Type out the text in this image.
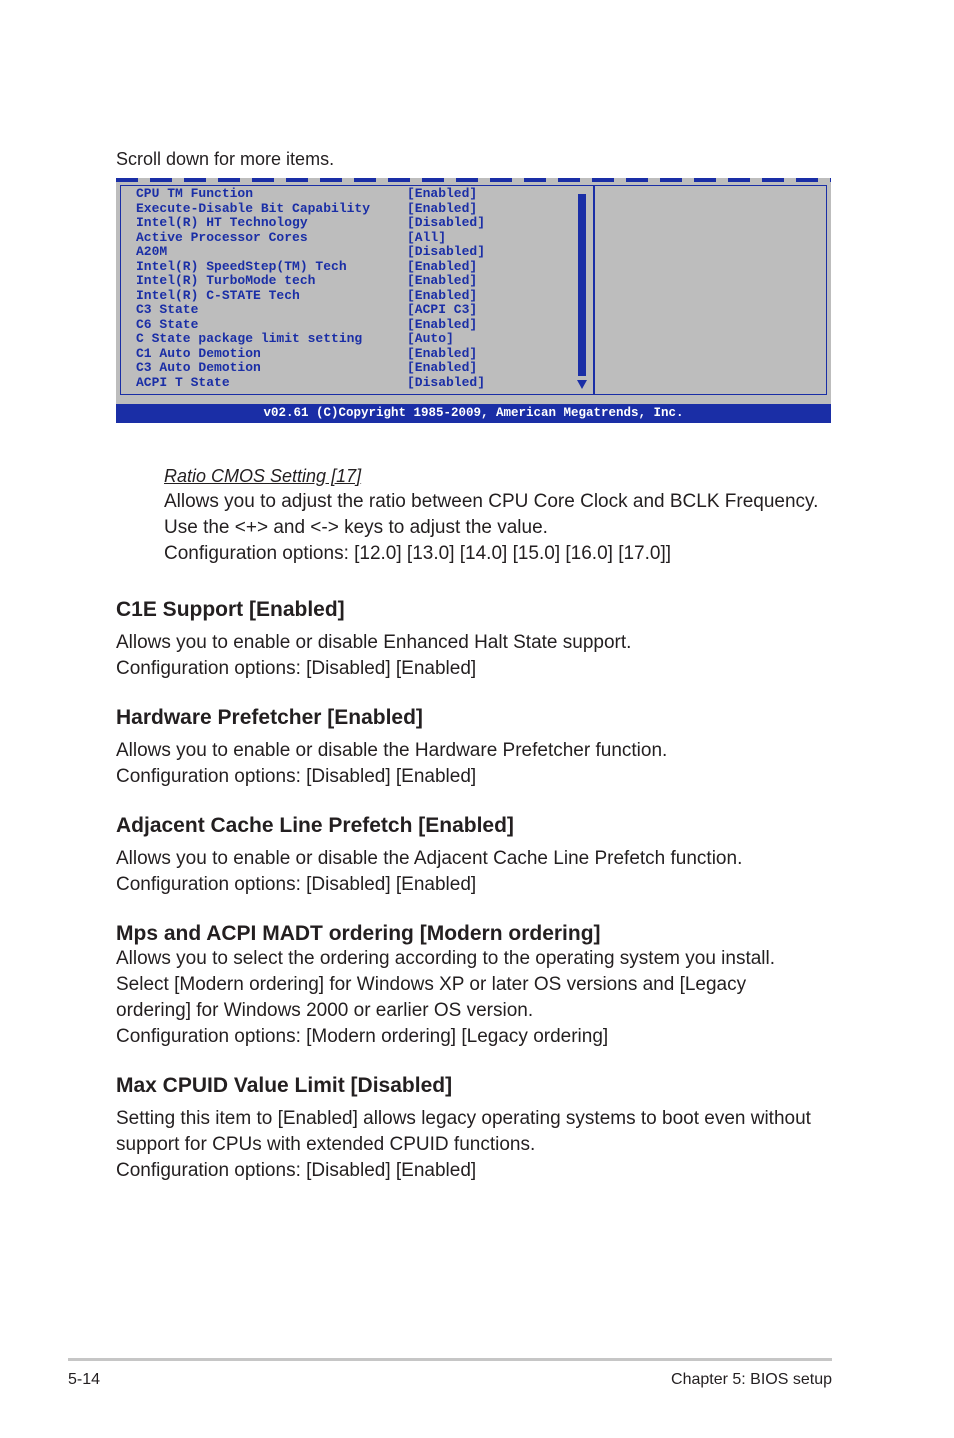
Scroll down for more items.
CPU TM Function	[Enabled]
Execute-Disable Bit Capability	[Enabled]
Intel(R) HT Technology	[Disabled]
Active Processor Cores	[All]
A20M	[Disabled]
Intel(R) SpeedStep(TM) Tech	[Enabled]
Intel(R) TurboMode tech	[Enabled]
Intel(R) C-STATE Tech	[Enabled]
C3 State	[ACPI C3]
C6 State	[Enabled]
C State package limit setting	[Auto]
C1 Auto Demotion	[Enabled]
C3 Auto Demotion	[Enabled]
ACPI T State	[Disabled]
v02.61 (C)Copyright 1985-2009, American Megatrends, Inc.
Ratio CMOS Setting [17]

Allows you to adjust the ratio between CPU Core Clock and BCLK Frequency.

Use the <+> and <-> keys to adjust the value.

Configuration options: [12.0] [13.0] [14.0] [15.0] [16.0] [17.0]]

C1E Support [Enabled]

Allows you to enable or disable Enhanced Halt State support.

Configuration options: [Disabled] [Enabled]

Hardware Prefetcher [Enabled]

Allows you to enable or disable the Hardware Prefetcher function.

Configuration options: [Disabled] [Enabled]

Adjacent Cache Line Prefetch [Enabled]

Allows you to enable or disable the Adjacent Cache Line Prefetch function.

Configuration options: [Disabled] [Enabled]

Mps and ACPI MADT ordering [Modern ordering]

Allows you to select the ordering according to the operating system you install.

Select [Modern ordering] for Windows XP or later OS versions and [Legacy

ordering] for Windows 2000 or earlier OS version.

Configuration options: [Modern ordering] [Legacy ordering]

Max CPUID Value Limit [Disabled]

Setting this item to [Enabled] allows legacy operating systems to boot even without

support for CPUs with extended CPUID functions.

Configuration options: [Disabled] [Enabled]

5-14	Chapter 5: BIOS setup
